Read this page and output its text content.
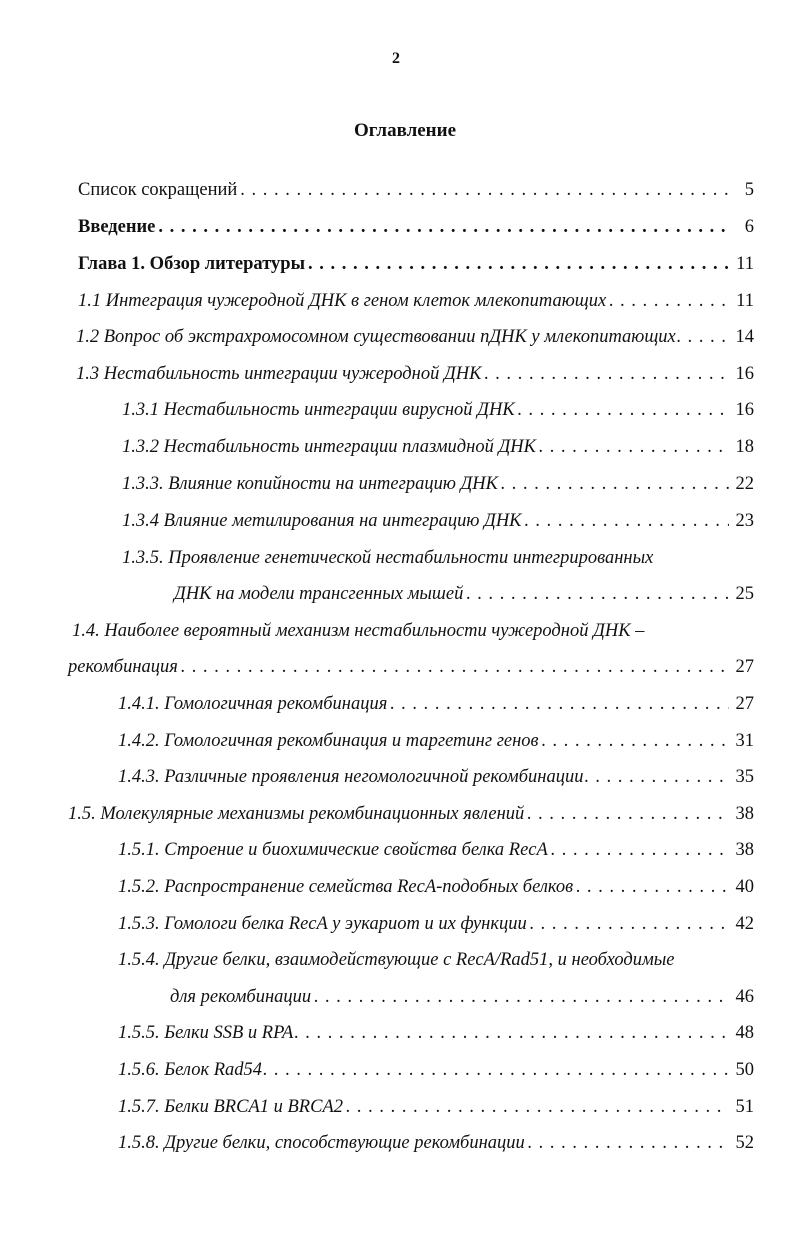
2
Оглавление
Список сокращений . . .	5
Введение . . .	6
Глава 1. Обзор литературы . . .	11
1.1 Интеграция чужеродной ДНК в геном клеток млекопитающих . . .	11
1.2 Вопрос об экстрахромосомном существовании пДНК у млекопитающих . . .	14
1.3 Нестабильность интеграции чужеродной ДНК . . .	16
1.3.1 Нестабильность интеграции вирусной ДНК . . .	16
1.3.2 Нестабильность интеграции плазмидной ДНК . . .	18
1.3.3. Влияние копийности на интеграцию ДНК . . .	22
1.3.4 Влияние метилирования на интеграцию ДНК . . .	23
1.3.5. Проявление генетической нестабильности интегрированных
ДНК на модели трансгенных мышей . . .	25
1.4. Наиболее вероятный механизм нестабильности чужеродной ДНК –
рекомбинация . . .	27
1.4.1. Гомологичная рекомбинация . . .	27
1.4.2. Гомологичная рекомбинация и таргетинг генов . . .	31
1.4.3. Различные проявления негомологичной рекомбинации . . .	35
1.5. Молекулярные механизмы рекомбинационных явлений . . .	38
1.5.1. Строение и биохимические свойства белка RecA . . .	38
1.5.2. Распространение семейства RecA-подобных белков . . .	40
1.5.3. Гомологи белка RecA у эукариот и их функции . . .	42
1.5.4. Другие белки, взаимодействующие с RecA/Rad51, и необходимые
для рекомбинации . . .	46
1.5.5. Белки SSB и RPA . . .	48
1.5.6. Белок Rad54 . . .	50
1.5.7. Белки BRCA1 и BRCA2 . . .	51
1.5.8. Другие белки, способствующие рекомбинации . . .	52
